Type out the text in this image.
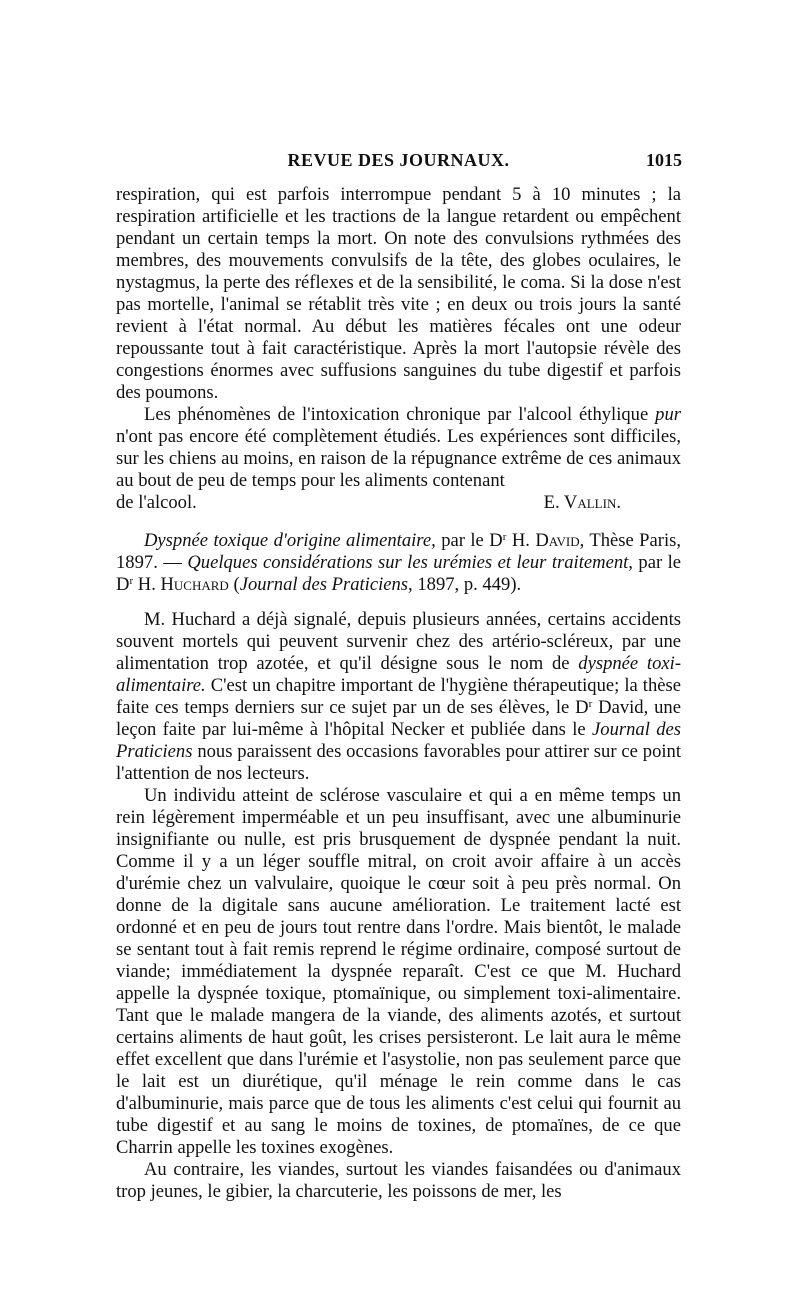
REVUE DES JOURNAUX.	1015

respiration, qui est parfois interrompue pendant 5 à 10 minutes ; la respiration artificielle et les tractions de la langue retardent ou empêchent pendant un certain temps la mort. On note des convulsions rythmées des membres, des mouvements convulsifs de la tête, des globes oculaires, le nystagmus, la perte des réflexes et de la sensibilité, le coma. Si la dose n'est pas mortelle, l'animal se rétablit très vite ; en deux ou trois jours la santé revient à l'état normal. Au début les matières fécales ont une odeur repoussante tout à fait caractéristique. Après la mort l'autopsie révèle des congestions énormes avec suffusions sanguines du tube digestif et parfois des poumons.

Les phénomènes de l'intoxication chronique par l'alcool éthylique pur n'ont pas encore été complètement étudiés. Les expériences sont difficiles, sur les chiens au moins, en raison de la répugnance extrême de ces animaux au bout de peu de temps pour les aliments contenant

de l'alcool.	E. Vallin.

Dyspnée toxique d'origine alimentaire, par le $D^r$ H. David, Thèse Paris, 1897. — Quelques considérations sur les urémies et leur traitement, par le $D^r$ H. Huchard (Journal des Praticiens, 1897, p. 449).

M. Huchard a déjà signalé, depuis plusieurs années, certains accidents souvent mortels qui peuvent survenir chez des artério-scléreux, par une alimentation trop azotée, et qu'il désigne sous le nom de dyspnée toxi-alimentaire. C'est un chapitre important de l'hygiène thérapeutique; la thèse faite ces temps derniers sur ce sujet par un de ses élèves, le $D^r$ David, une leçon faite par lui-même à l'hôpital Necker et publiée dans le Journal des Praticiens nous paraissent des occasions favorables pour attirer sur ce point l'attention de nos lecteurs.

Un individu atteint de sclérose vasculaire et qui a en même temps un rein légèrement imperméable et un peu insuffisant, avec une albuminurie insignifiante ou nulle, est pris brusquement de dyspnée pendant la nuit. Comme il y a un léger souffle mitral, on croit avoir affaire à un accès d'urémie chez un valvulaire, quoique le cœur soit à peu près normal. On donne de la digitale sans aucune amélioration. Le traitement lacté est ordonné et en peu de jours tout rentre dans l'ordre. Mais bientôt, le malade se sentant tout à fait remis reprend le régime ordinaire, composé surtout de viande; immédiatement la dyspnée reparaît. C'est ce que M. Huchard appelle la dyspnée toxique, ptomaïnique, ou simplement toxi-alimentaire. Tant que le malade mangera de la viande, des aliments azotés, et surtout certains aliments de haut goût, les crises persisteront. Le lait aura le même effet excellent que dans l'urémie et l'asystolie, non pas seulement parce que le lait est un diurétique, qu'il ménage le rein comme dans le cas d'albuminurie, mais parce que de tous les aliments c'est celui qui fournit au tube digestif et au sang le moins de toxines, de ptomaïnes, de ce que Charrin appelle les toxines exogènes.

Au contraire, les viandes, surtout les viandes faisandées ou d'animaux trop jeunes, le gibier, la charcuterie, les poissons de mer, les
